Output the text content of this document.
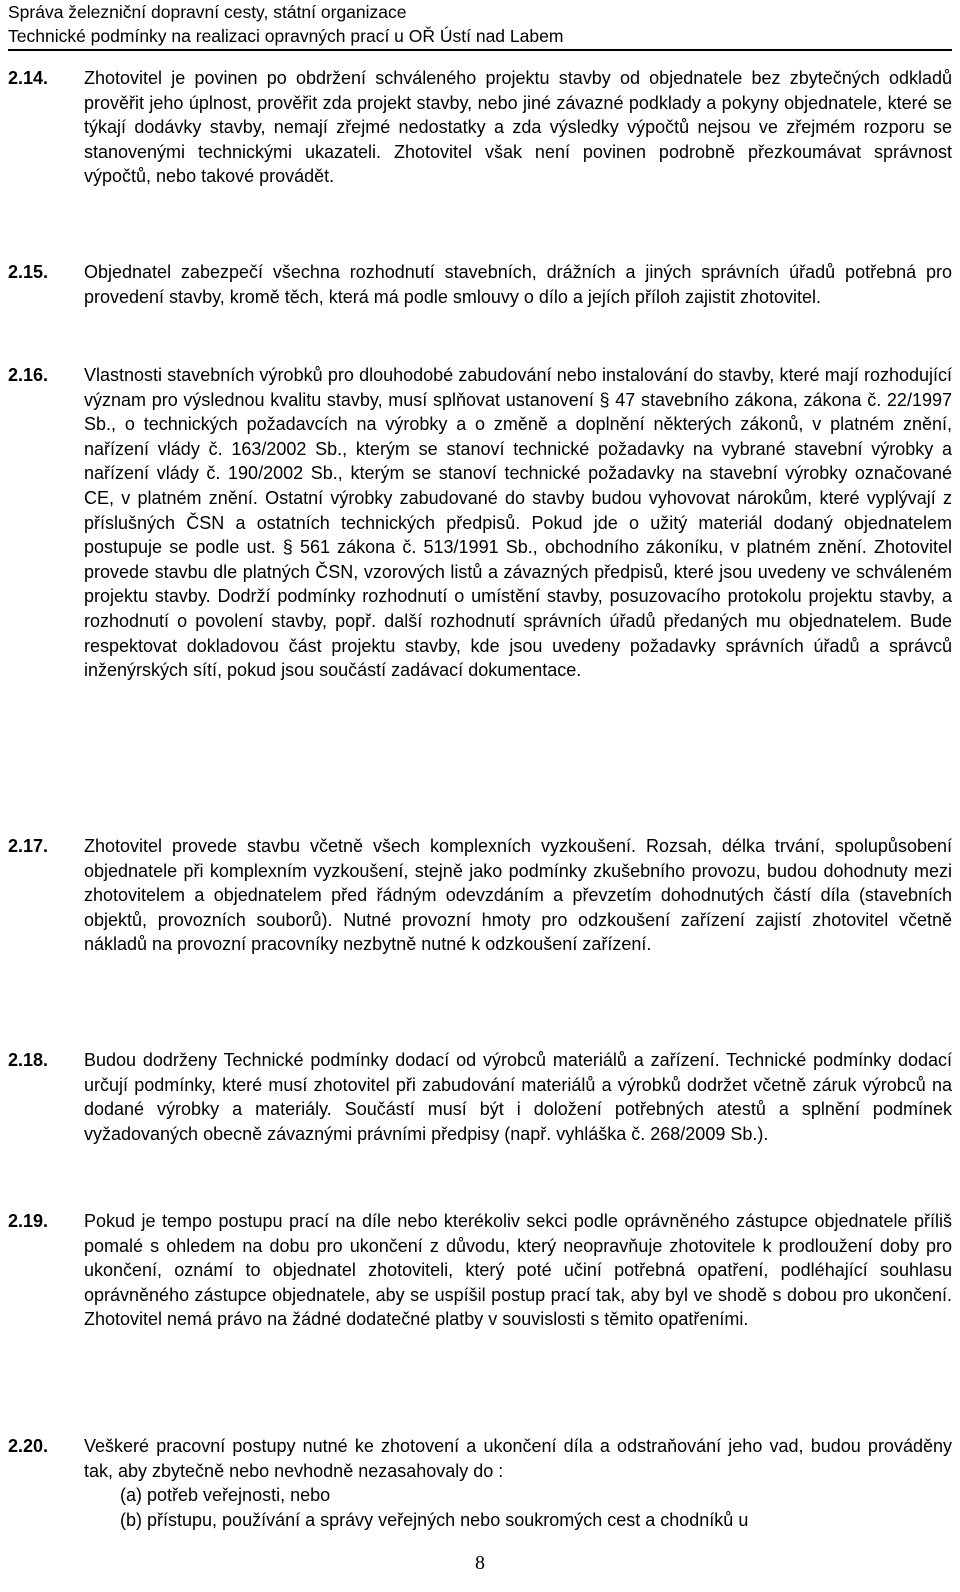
Správa železniční dopravní cesty, státní organizace
Technické podmínky na realizaci opravných prací u OŘ Ústí nad Labem
2.14. Zhotovitel je povinen po obdržení schváleného projektu stavby od objednatele bez zbytečných odkladů prověřit jeho úplnost, prověřit zda projekt stavby, nebo jiné závazné podklady a pokyny objednatele, které se týkají dodávky stavby, nemají zřejmé nedostatky a zda výsledky výpočtů nejsou ve zřejmém rozporu se stanovenými technickými ukazateli. Zhotovitel však není povinen podrobně přezkoumávat správnost výpočtů, nebo takové provádět.

2.15. Objednatel zabezpečí všechna rozhodnutí stavebních, drážních a jiných správních úřadů potřebná pro provedení stavby, kromě těch, která má podle smlouvy o dílo a jejích příloh zajistit zhotovitel.

2.16. Vlastnosti stavebních výrobků pro dlouhodobé zabudování nebo instalování do stavby, které mají rozhodující význam pro výslednou kvalitu stavby, musí splňovat ustanovení § 47 stavebního zákona, zákona č. 22/1997 Sb., o technických požadavcích na výrobky a o změně a doplnění některých zákonů, v platném znění, nařízení vlády č. 163/2002 Sb., kterým se stanoví technické požadavky na vybrané stavební výrobky a nařízení vlády č. 190/2002 Sb., kterým se stanoví technické požadavky na stavební výrobky označované CE, v platném znění. Ostatní výrobky zabudované do stavby budou vyhovovat nárokům, které vyplývají z příslušných ČSN a ostatních technických předpisů. Pokud jde o užitý materiál dodaný objednatelem postupuje se podle ust. § 561 zákona č. 513/1991 Sb., obchodního zákoníku, v platném znění. Zhotovitel provede stavbu dle platných ČSN, vzorových listů a závazných předpisů, které jsou uvedeny ve schváleném projektu stavby. Dodrží podmínky rozhodnutí o umístění stavby, posuzovacího protokolu projektu stavby, a rozhodnutí o povolení stavby, popř. další rozhodnutí správních úřadů předaných mu objednatelem. Bude respektovat dokladovou část projektu stavby, kde jsou uvedeny požadavky správních úřadů a správců inženýrských sítí, pokud jsou součástí zadávací dokumentace.

2.17. Zhotovitel provede stavbu včetně všech komplexních vyzkoušení. Rozsah, délka trvání, spolupůsobení objednatele při komplexním vyzkoušení, stejně jako podmínky zkušebního provozu, budou dohodnuty mezi zhotovitelem a objednatelem před řádným odevzdáním a převzetím dohodnutých částí díla (stavebních objektů, provozních souborů). Nutné provozní hmoty pro odzkoušení zařízení zajistí zhotovitel včetně nákladů na provozní pracovníky nezbytně nutné k odzkoušení zařízení.

2.18. Budou dodrženy Technické podmínky dodací od výrobců materiálů a zařízení. Technické podmínky dodací určují podmínky, které musí zhotovitel při zabudování materiálů a výrobků dodržet včetně záruk výrobců na dodané výrobky a materiály. Součástí musí být i doložení potřebných atestů a splnění podmínek vyžadovaných obecně závaznými právními předpisy (např. vyhláška č. 268/2009 Sb.).

2.19. Pokud je tempo postupu prací na díle nebo kterékoliv sekci podle oprávněného zástupce objednatele příliš pomalé s ohledem na dobu pro ukončení z důvodu, který neopravňuje zhotovitele k prodloužení doby pro ukončení, oznámí to objednatel zhotoviteli, který poté učiní potřebná opatření, podléhající souhlasu oprávněného zástupce objednatele, aby se uspíšil postup prací tak, aby byl ve shodě s dobou pro ukončení. Zhotovitel nemá právo na žádné dodatečné platby v souvislosti s těmito opatřeními.

2.20. Veškeré pracovní postupy nutné ke zhotovení a ukončení díla a odstraňování jeho vad, budou prováděny tak, aby zbytečně nebo nevhodně nezasahovaly do :

(a) potřeb veřejnosti, nebo
(b) přístupu, používání a správy veřejných nebo soukromých cest a chodníků u
8
